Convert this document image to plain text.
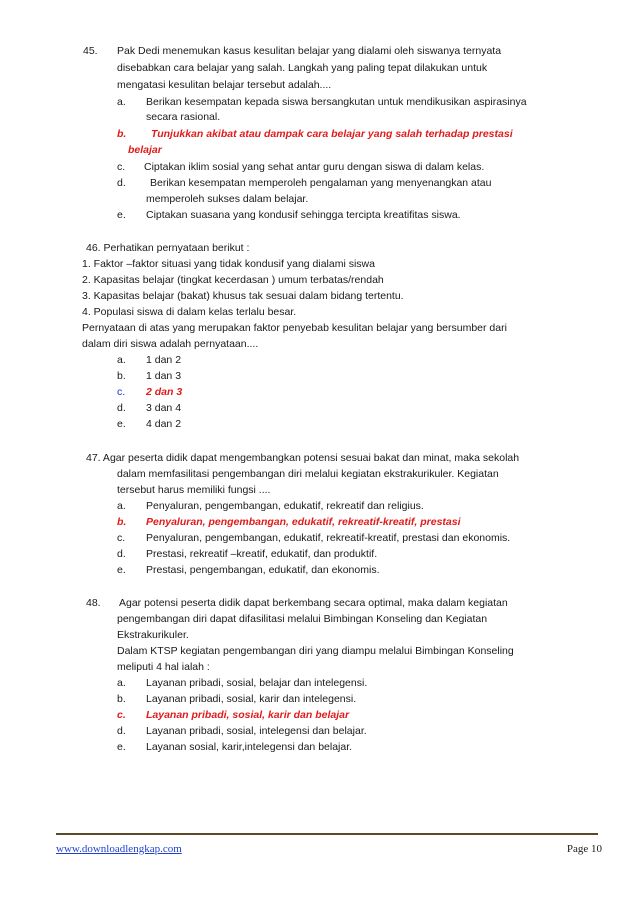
45. Pak Dedi menemukan kasus kesulitan belajar yang dialami oleh siswanya ternyata
disebabkan cara belajar yang salah. Langkah yang paling tepat dilakukan untuk
mengatasi kesulitan belajar tersebut adalah....
a. Berikan kesempatan kepada siswa bersangkutan untuk mendikusikan aspirasinya
secara rasional.
b. Tunjukkan akibat atau dampak cara belajar yang salah terhadap prestasi
belajar
c. Ciptakan iklim sosial yang sehat antar guru dengan siswa di dalam kelas.
d. Berikan kesempatan memperoleh pengalaman yang menyenangkan atau
memperoleh sukses dalam belajar.
e. Ciptakan suasana yang kondusif sehingga tercipta kreatifitas siswa.
46. Perhatikan pernyataan berikut :
1. Faktor –faktor situasi yang tidak kondusif yang dialami siswa
2. Kapasitas belajar (tingkat kecerdasan ) umum terbatas/rendah
3. Kapasitas belajar (bakat) khusus tak sesuai dalam bidang tertentu.
4. Populasi siswa di dalam kelas terlalu besar.
Pernyataan di atas yang merupakan faktor penyebab kesulitan belajar yang bersumber dari
dalam diri siswa adalah pernyataan....
a. 1 dan 2
b. 1 dan 3
c. 2 dan 3
d. 3 dan 4
e. 4 dan 2
47. Agar peserta didik dapat mengembangkan potensi sesuai bakat dan minat, maka sekolah
dalam memfasilitasi pengembangan diri melalui kegiatan ekstrakurikuler. Kegiatan
tersebut harus memiliki fungsi ....
a. Penyaluran, pengembangan, edukatif, rekreatif dan religius.
b. Penyaluran, pengembangan, edukatif, rekreatif-kreatif, prestasi
c. Penyaluran, pengembangan, edukatif, rekreatif-kreatif, prestasi dan ekonomis.
d. Prestasi, rekreatif –kreatif, edukatif, dan produktif.
e. Prestasi, pengembangan, edukatif, dan ekonomis.
48. Agar potensi peserta didik dapat berkembang secara optimal, maka dalam kegiatan
pengembangan diri dapat difasilitasi melalui Bimbingan Konseling dan Kegiatan
Ekstrakurikuler.
Dalam KTSP kegiatan pengembangan diri yang diampu melalui Bimbingan Konseling
meliputi 4 hal ialah :
a. Layanan pribadi, sosial, belajar dan intelegensi.
b. Layanan pribadi, sosial, karir dan intelegensi.
c. Layanan pribadi, sosial, karir dan belajar
d. Layanan pribadi, sosial, intelegensi dan belajar.
e. Layanan sosial, karir,intelegensi dan belajar.
www.downloadlengkap.com	Page 10
